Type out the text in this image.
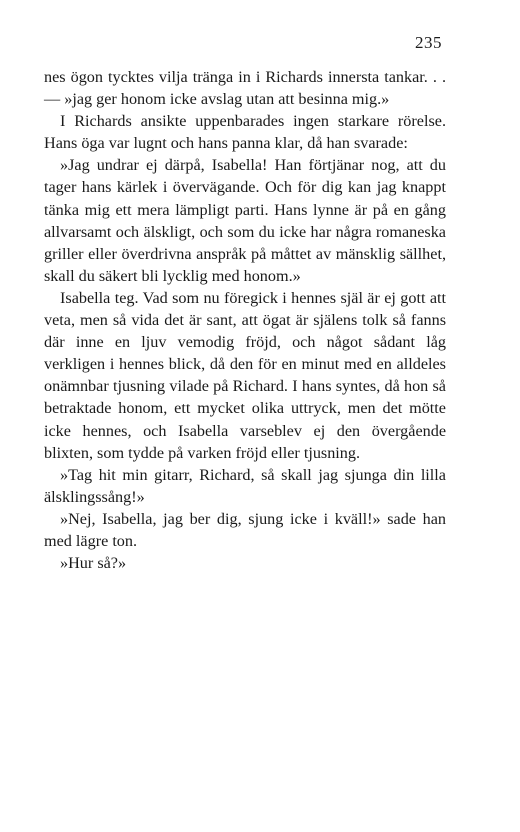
235

nes ögon tycktes vilja tränga in i Richards innersta tankar. . . — »jag ger honom icke avslag utan att besinna mig.»

I Richards ansikte uppenbarades ingen starkare rörelse. Hans öga var lugnt och hans panna klar, då han svarade:

»Jag undrar ej därpå, Isabella! Han förtjänar nog, att du tager hans kärlek i övervägande. Och för dig kan jag knappt tänka mig ett mera lämpligt parti. Hans lynne är på en gång allvarsamt och älskligt, och som du icke har några romaneska griller eller överdrivna anspråk på måttet av mänsklig sällhet, skall du säkert bli lycklig med honom.»

Isabella teg. Vad som nu föregick i hennes själ är ej gott att veta, men så vida det är sant, att ögat är själens tolk så fanns där inne en ljuv vemodig fröjd, och något sådant låg verkligen i hennes blick, då den för en minut med en alldeles onämnbar tjusning vilade på Richard. I hans syntes, då hon så betraktade honom, ett mycket olika uttryck, men det mötte icke hennes, och Isabella varseblev ej den övergående blixten, som tydde på varken fröjd eller tjusning.

»Tag hit min gitarr, Richard, så skall jag sjunga din lilla älsklingssång!»

»Nej, Isabella, jag ber dig, sjung icke i kväll!» sade han med lägre ton.

»Hur så?»
